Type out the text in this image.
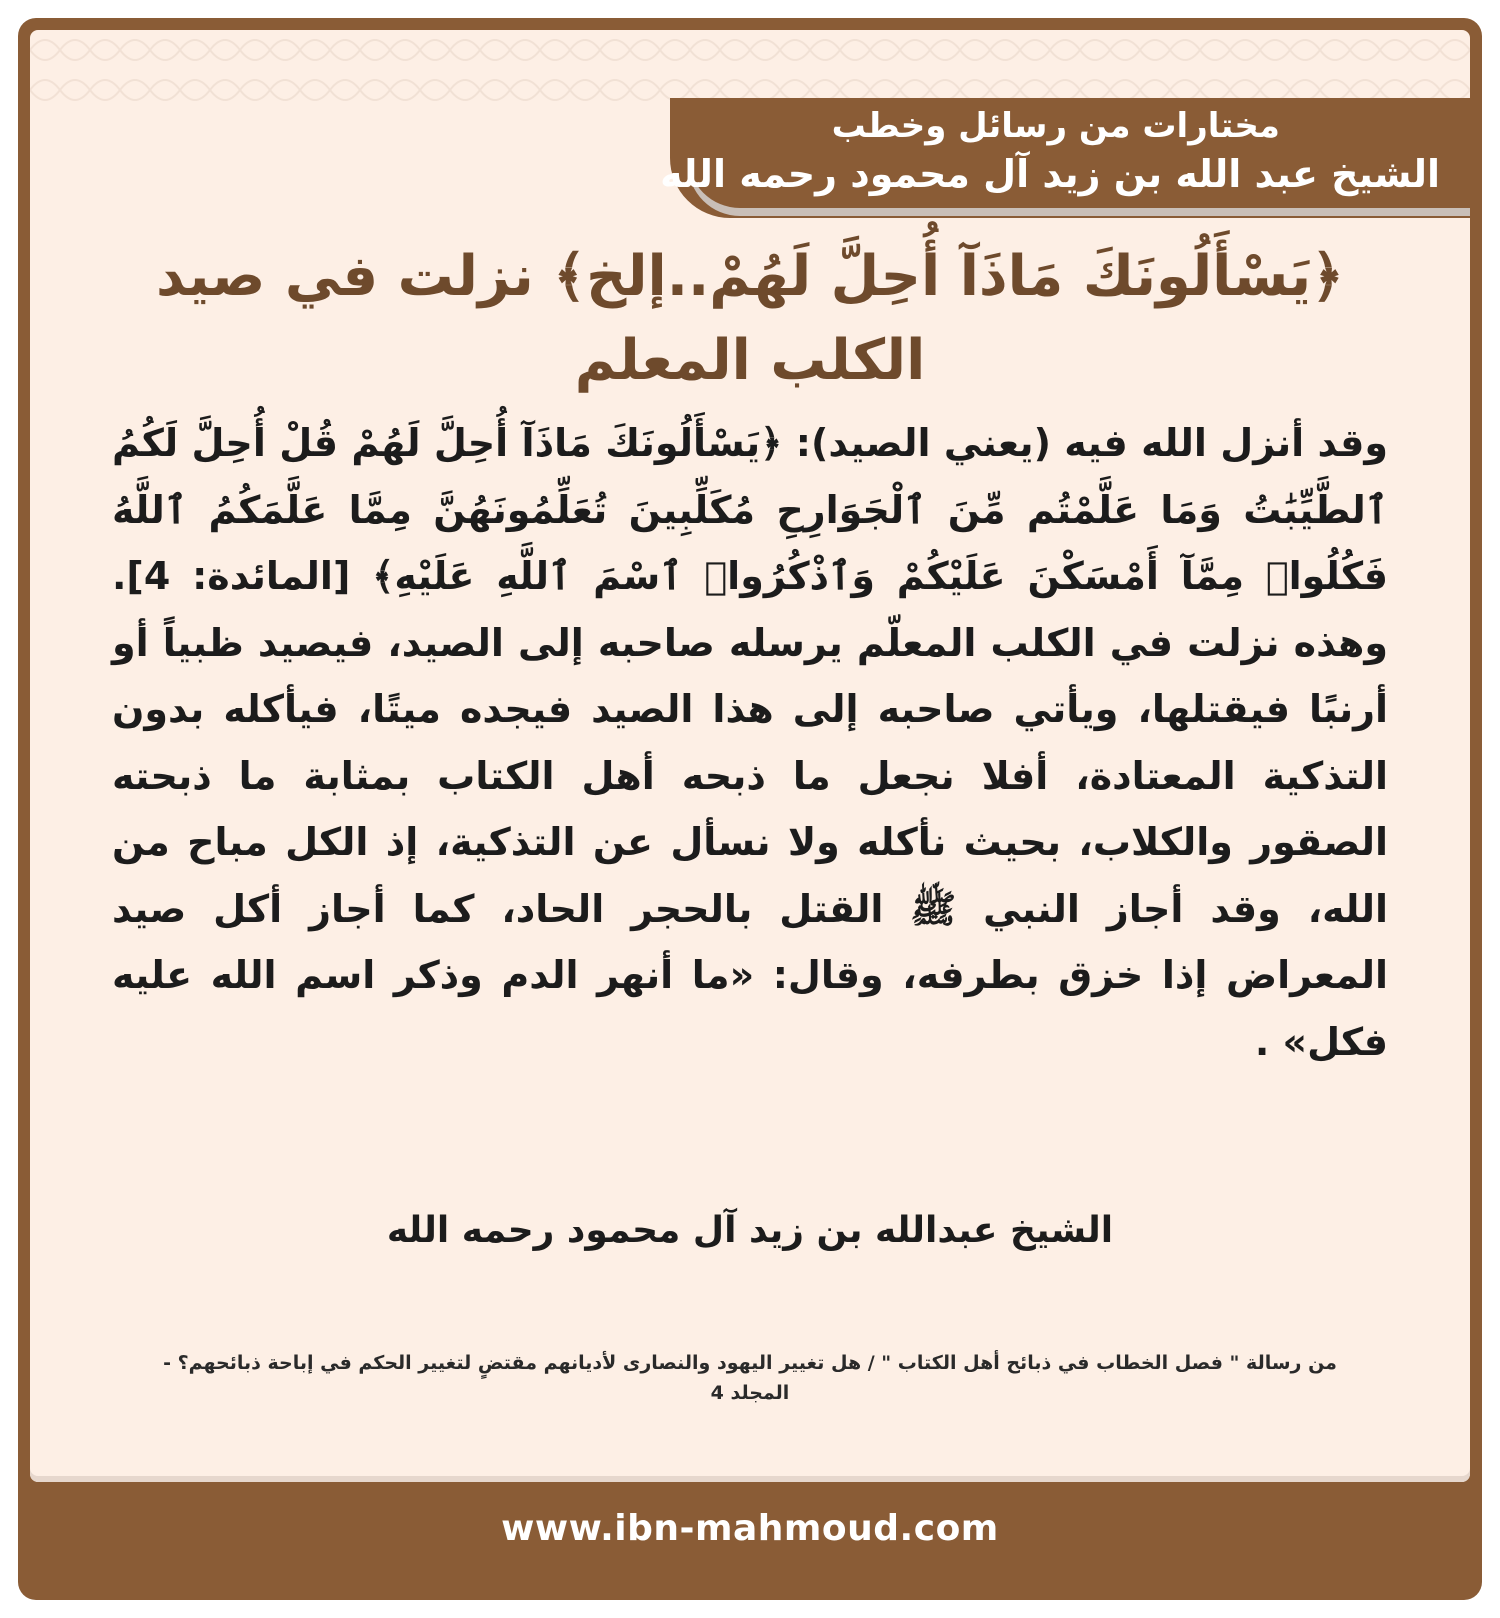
مختارات من رسائل وخطب
الشيخ عبد الله بن زيد آل محمود رحمه الله
﴿يَسْأَلُونَكَ مَاذَآ أُحِلَّ لَهُمْ..إلخ﴾ نزلت في صيد الكلب المعلم
وقد أنزل الله فيه (يعني الصيد): ﴿يَسْأَلُونَكَ مَاذَآ أُحِلَّ لَهُمْ قُلْ أُحِلَّ لَكُمُ ٱلطَّيِّبَٰتُ وَمَا عَلَّمْتُم مِّنَ ٱلْجَوَارِحِ مُكَلِّبِينَ تُعَلِّمُونَهُنَّ مِمَّا عَلَّمَكُمُ ٱللَّهُ فَكُلُوا۟ مِمَّآ أَمْسَكْنَ عَلَيْكُمْ وَٱذْكُرُوا۟ ٱسْمَ ٱللَّهِ عَلَيْهِ﴾ [المائدة: 4]. وهذه نزلت في الكلب المعلّم يرسله صاحبه إلى الصيد، فيصيد ظبياً أو أرنبًا فيقتلها، ويأتي صاحبه إلى هذا الصيد فيجده ميتًا، فيأكله بدون التذكية المعتادة، أفلا نجعل ما ذبحه أهل الكتاب بمثابة ما ذبحته الصقور والكلاب، بحيث نأكله ولا نسأل عن التذكية، إذ الكل مباح من الله، وقد أجاز النبي ﷺ القتل بالحجر الحاد، كما أجاز أكل صيد المعراض إذا خزق بطرفه، وقال: «ما أنهر الدم وذكر اسم الله عليه فكل» .
الشيخ عبدالله بن زيد آل محمود رحمه الله
من رسالة " فصل الخطاب في ذبائح أهل الكتاب " / هل تغيير اليهود والنصارى لأديانهم مقتضٍ لتغيير الحكم في إباحة ذبائحهم؟ - المجلد 4
www.ibn-mahmoud.com
